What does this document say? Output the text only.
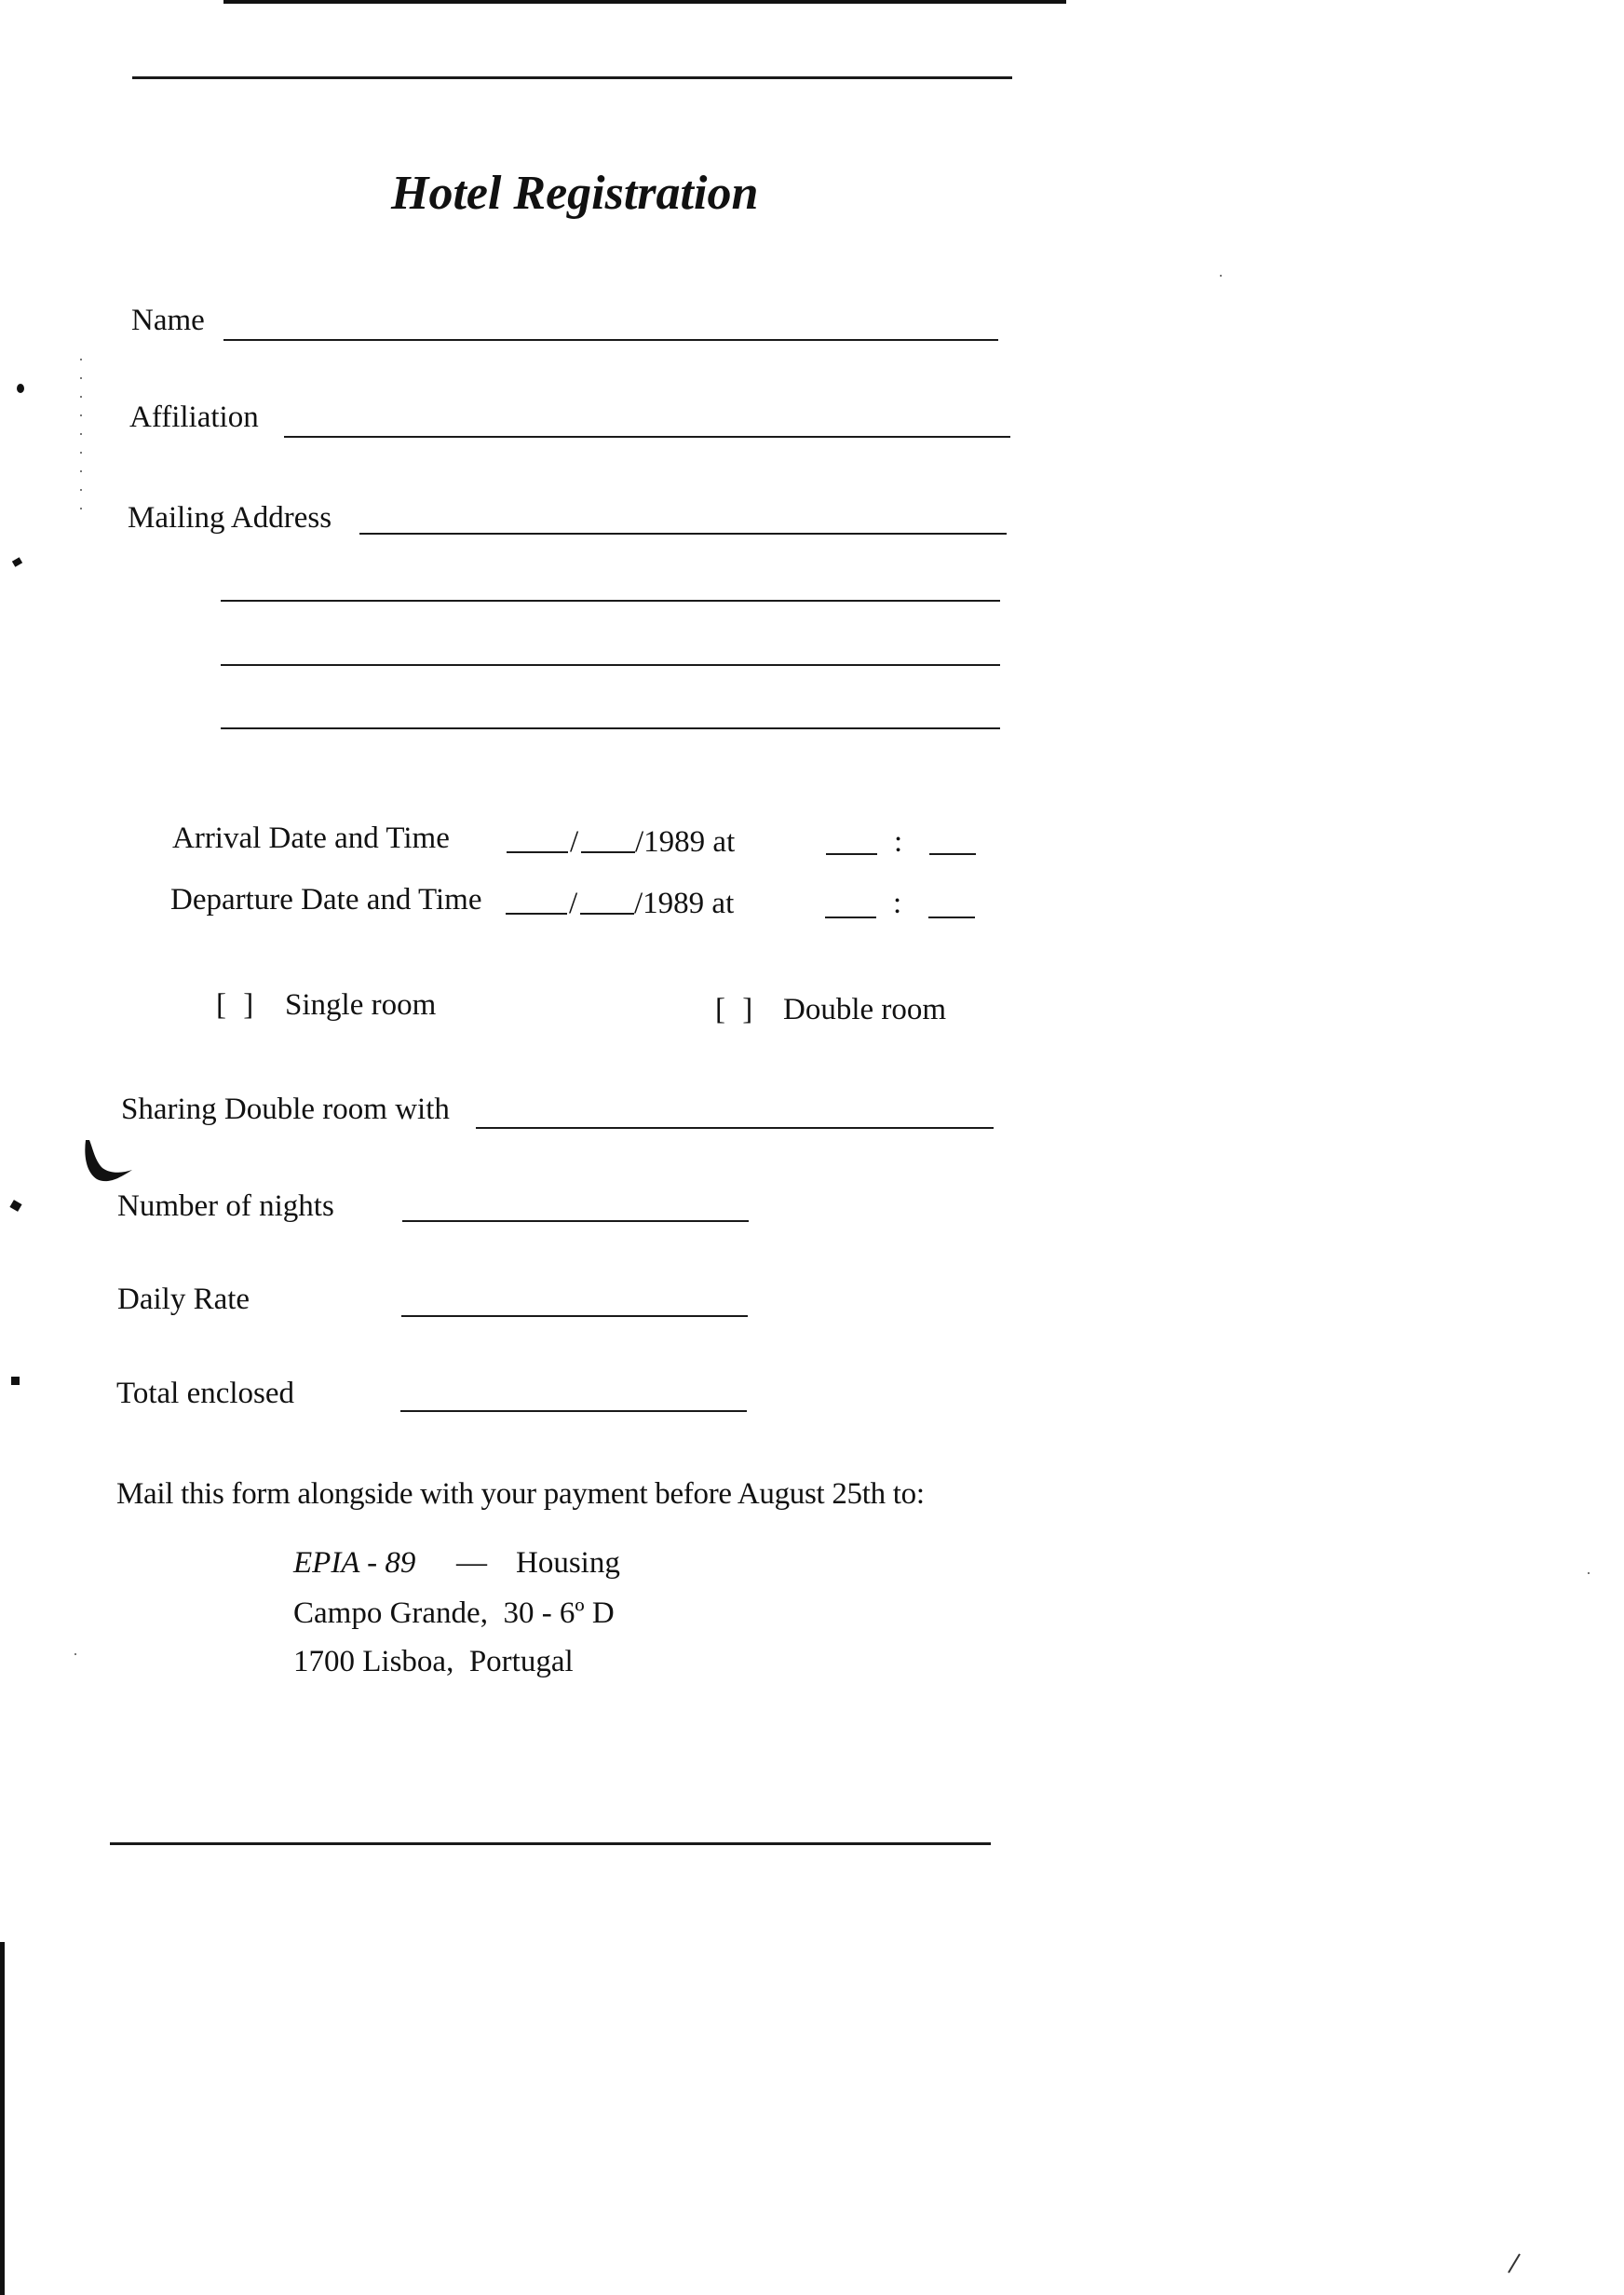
Hotel Registration
Name
Affiliation
Mailing Address
Arrival Date and Time	/ /1989 at	:
Departure Date and Time	/ /1989 at	:
[ ] Single room	[ ] Double room
Sharing Double room with
Number of nights
Daily Rate
Total enclosed
Mail this form alongside with your payment before August 25th to:
EPIA - 89 — Housing
Campo Grande,  30 - 6º D
1700 Lisboa,  Portugal
